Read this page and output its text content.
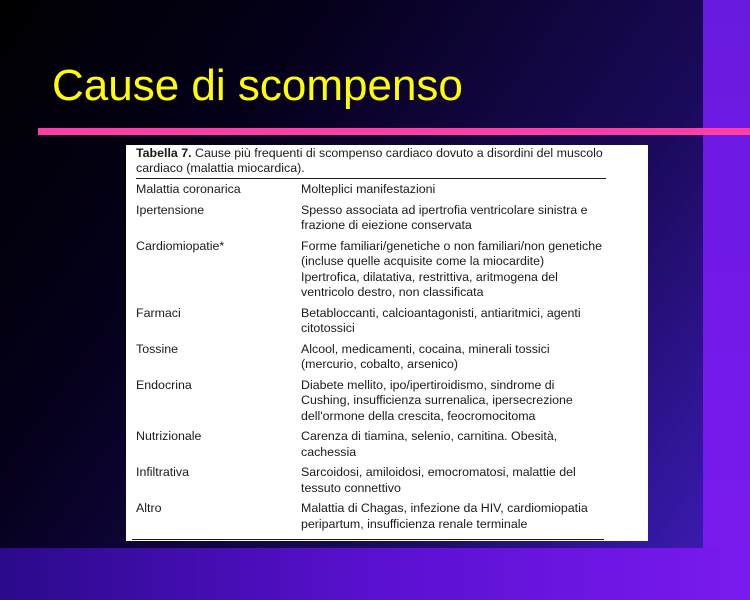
Cause di scompenso
Tabella 7. Cause più frequenti di scompenso cardiaco dovuto a disordini del muscolo cardiaco (malattia miocardica).
Malattia coronarica	Molteplici manifestazioni
Ipertensione	Spesso associata ad ipertrofia ventricolare sinistra e frazione di eiezione conservata
Cardiomiopatie*	Forme familiari/genetiche o non familiari/non genetiche (incluse quelle acquisite come la miocardite) Ipertrofica, dilatativa, restrittiva, aritmogena del ventricolo destro, non classificata
Farmaci	Betabloccanti, calcioantagonisti, antiaritmici, agenti citotossici
Tossine	Alcool, medicamenti, cocaina, minerali tossici (mercurio, cobalto, arsenico)
Endocrina	Diabete mellito, ipo/ipertiroidismo, sindrome di Cushing, insufficienza surrenalica, ipersecrezione dell'ormone della crescita, feocromocitoma
Nutrizionale	Carenza di tiamina, selenio, carnitina. Obesità, cachessia
Infiltrativa	Sarcoidosi, amiloidosi, emocromatosi, malattie del tessuto connettivo
Altro	Malattia di Chagas, infezione da HIV, cardiomiopatia peripartum, insufficienza renale terminale
